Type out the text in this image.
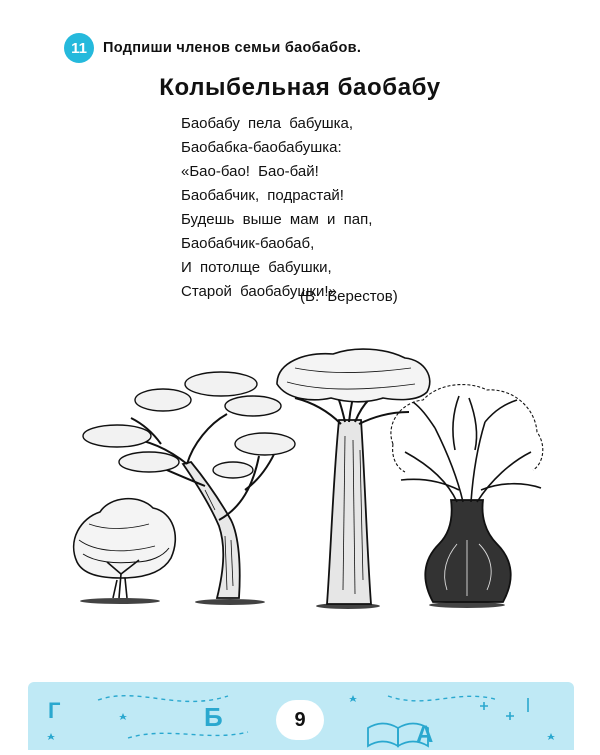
11	Подпиши членов семьи баобабов.
Колыбельная баобабу
Баобабу пела бабушка,
Баобабка-баобабушка:
«Бао-бао! Бао-бай!
Баобабчик, подрастай!
Будешь выше мам и пап,
Баобабчик-баобаб,
И потолще бабушки,
Старой баобабушки!»
(В. Берестов)
Г	Б
А
9
